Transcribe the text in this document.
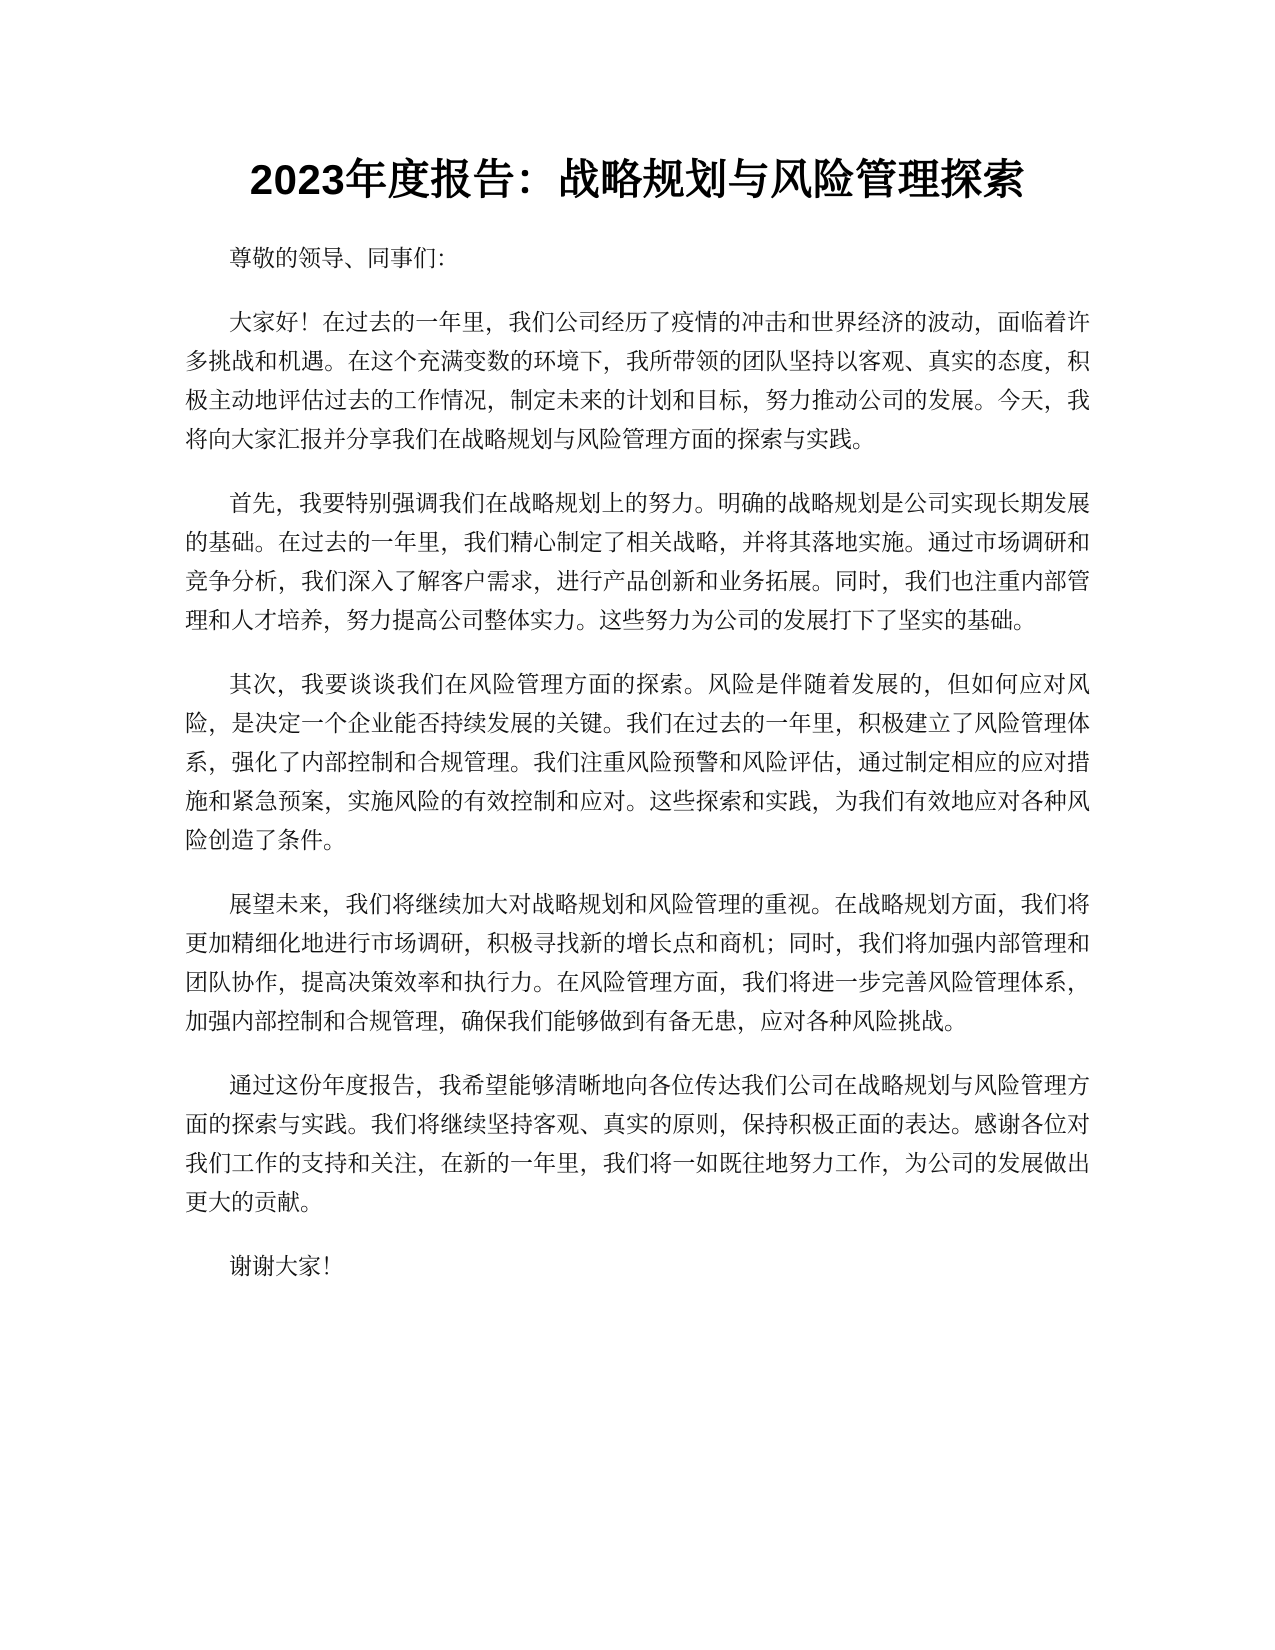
2023年度报告：战略规划与风险管理探索

尊敬的领导、同事们：

大家好！在过去的一年里，我们公司经历了疫情的冲击和世界经济的波动，面临着许多挑战和机遇。在这个充满变数的环境下，我所带领的团队坚持以客观、真实的态度，积极主动地评估过去的工作情况，制定未来的计划和目标，努力推动公司的发展。今天，我将向大家汇报并分享我们在战略规划与风险管理方面的探索与实践。

首先，我要特别强调我们在战略规划上的努力。明确的战略规划是公司实现长期发展的基础。在过去的一年里，我们精心制定了相关战略，并将其落地实施。通过市场调研和竞争分析，我们深入了解客户需求，进行产品创新和业务拓展。同时，我们也注重内部管理和人才培养，努力提高公司整体实力。这些努力为公司的发展打下了坚实的基础。

其次，我要谈谈我们在风险管理方面的探索。风险是伴随着发展的，但如何应对风险，是决定一个企业能否持续发展的关键。我们在过去的一年里，积极建立了风险管理体系，强化了内部控制和合规管理。我们注重风险预警和风险评估，通过制定相应的应对措施和紧急预案，实施风险的有效控制和应对。这些探索和实践，为我们有效地应对各种风险创造了条件。

展望未来，我们将继续加大对战略规划和风险管理的重视。在战略规划方面，我们将更加精细化地进行市场调研，积极寻找新的增长点和商机；同时，我们将加强内部管理和团队协作，提高决策效率和执行力。在风险管理方面，我们将进一步完善风险管理体系，加强内部控制和合规管理，确保我们能够做到有备无患，应对各种风险挑战。

通过这份年度报告，我希望能够清晰地向各位传达我们公司在战略规划与风险管理方面的探索与实践。我们将继续坚持客观、真实的原则，保持积极正面的表达。感谢各位对我们工作的支持和关注，在新的一年里，我们将一如既往地努力工作，为公司的发展做出更大的贡献。

谢谢大家！
